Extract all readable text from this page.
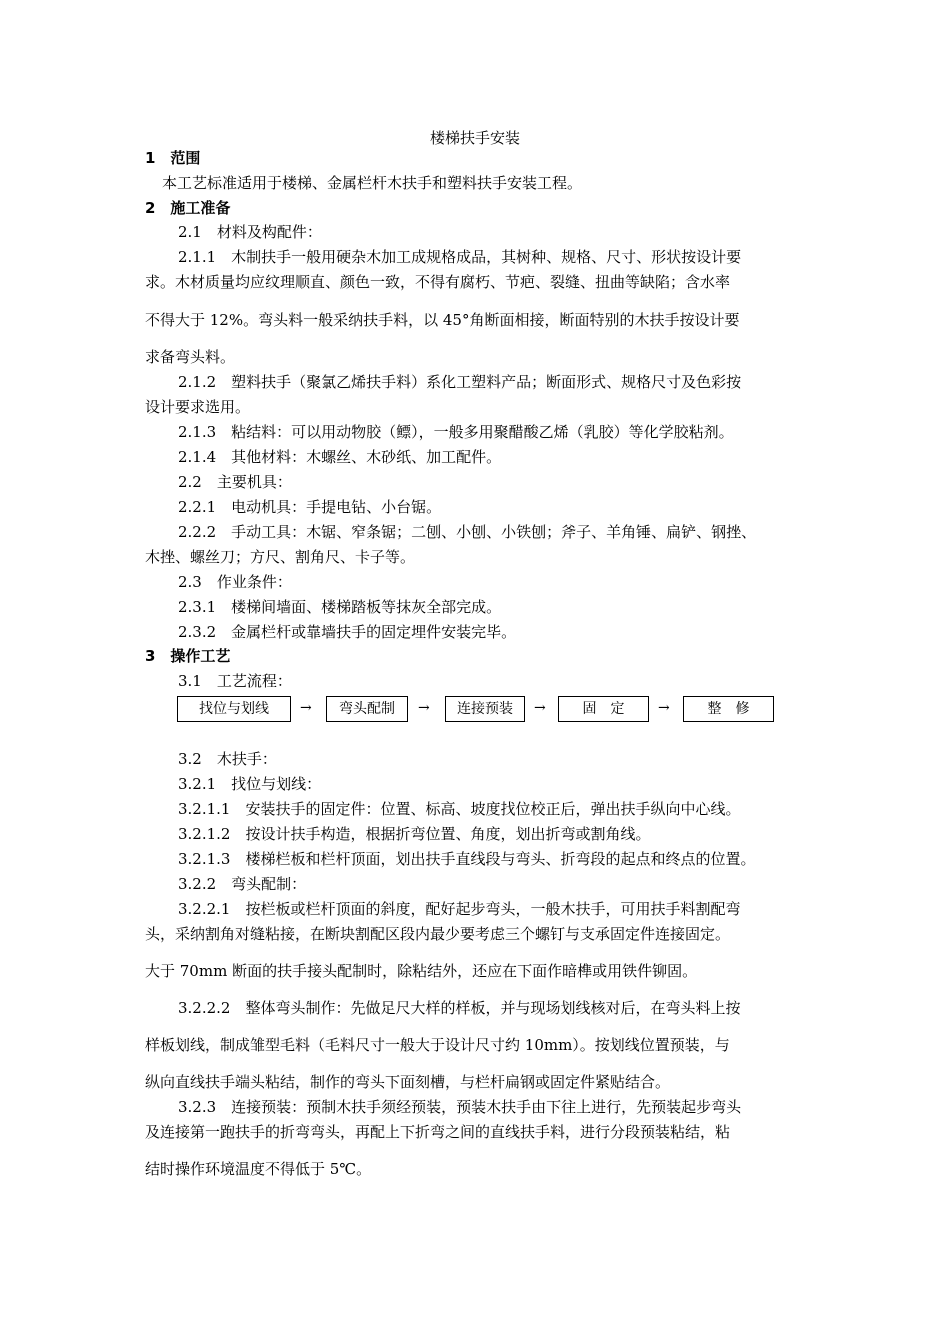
楼梯扶手安装
1　范围
本工艺标准适用于楼梯、金属栏杆木扶手和塑料扶手安装工程。
2　施工准备
2.1　材料及构配件：
2.1.1　木制扶手一般用硬杂木加工成规格成品，其树种、规格、尺寸、形状按设计要
求。木材质量均应纹理顺直、颜色一致，不得有腐朽、节疤、裂缝、扭曲等缺陷；含水率
不得大于 12%。弯头料一般采纳扶手料，以 45°角断面相接，断面特别的木扶手按设计要
求备弯头料。
2.1.2　塑料扶手（聚氯乙烯扶手料）系化工塑料产品；断面形式、规格尺寸及色彩按
设计要求选用。
2.1.3　粘结料：可以用动物胶（鳔），一般多用聚醋酸乙烯（乳胶）等化学胶粘剂。
2.1.4　其他材料：木螺丝、木砂纸、加工配件。
2.2　主要机具：
2.2.1　电动机具：手提电钻、小台锯。
2.2.2　手动工具：木锯、窄条锯；二刨、小刨、小铁刨；斧子、羊角锤、扁铲、钢挫、
木挫、螺丝刀；方尺、割角尺、卡子等。
2.3　作业条件：
2.3.1　楼梯间墙面、楼梯踏板等抹灰全部完成。
2.3.2　金属栏杆或靠墙扶手的固定埋件安装完毕。
3　操作工艺
3.1　工艺流程：
找位与划线	→	弯头配制	→	连接预装	→	固　定	→	整　修
3.2　木扶手：
3.2.1　找位与划线：
3.2.1.1　安装扶手的固定件：位置、标高、坡度找位校正后，弹出扶手纵向中心线。
3.2.1.2　按设计扶手构造，根据折弯位置、角度，划出折弯或割角线。
3.2.1.3　楼梯栏板和栏杆顶面，划出扶手直线段与弯头、折弯段的起点和终点的位置。
3.2.2　弯头配制：
3.2.2.1　按栏板或栏杆顶面的斜度，配好起步弯头，一般木扶手，可用扶手料割配弯
头，采纳割角对缝粘接，在断块割配区段内最少要考虑三个螺钉与支承固定件连接固定。
大于 70mm 断面的扶手接头配制时，除粘结外，还应在下面作暗榫或用铁件铆固。
3.2.2.2　整体弯头制作：先做足尺大样的样板，并与现场划线核对后，在弯头料上按
样板划线，制成雏型毛料（毛料尺寸一般大于设计尺寸约 10mm）。按划线位置预装，与
纵向直线扶手端头粘结，制作的弯头下面刻槽，与栏杆扁钢或固定件紧贴结合。
3.2.3　连接预装：预制木扶手须经预装，预装木扶手由下往上进行，先预装起步弯头
及连接第一跑扶手的折弯弯头，再配上下折弯之间的直线扶手料，进行分段预装粘结，粘
结时操作环境温度不得低于 5℃。
